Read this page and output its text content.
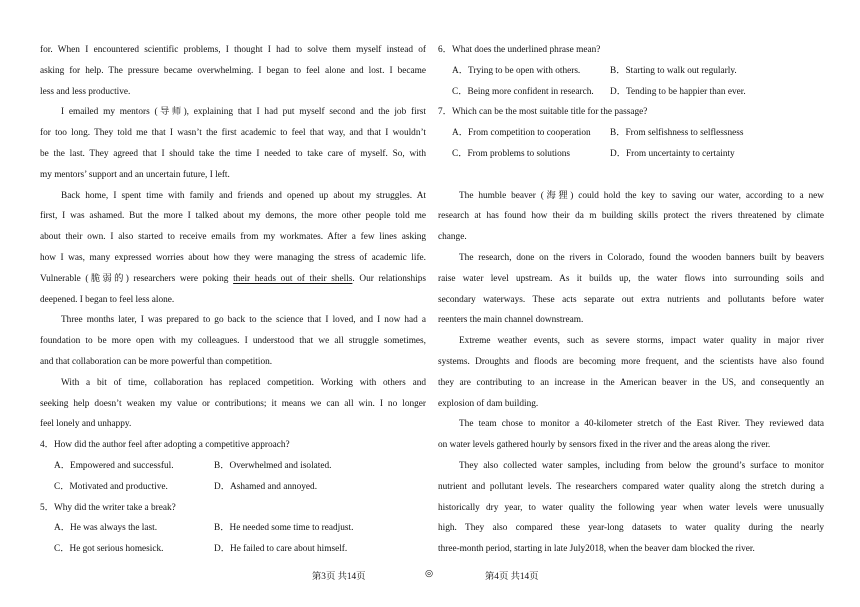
for. When I encountered scientific problems, I thought I had to solve them myself instead of
asking for help. The pressure became overwhelming. I began to feel alone and lost. I became
less and less productive.
I emailed my mentors (导师), explaining that I had put myself second and the job first
for too long. They told me that I wasn’t the first academic to feel that way, and that I wouldn’t
be the last. They agreed that I should take the time I needed to take care of myself. So, with
my mentors’ support and an uncertain future, I left.
Back home, I spent time with family and friends and opened up about my struggles. At
first, I was ashamed. But the more I talked about my demons, the more other people told me
about their own. I also started to receive emails from my workmates. After a few lines asking
how I was, many expressed worries about how they were managing the stress of academic life.
Vulnerable (脆弱的) researchers were poking their heads out of their shells. Our relationships
deepened. I began to feel less alone.
Three months later, I was prepared to go back to the science that I loved, and I now had a
foundation to be more open with my colleagues. I understood that we all struggle sometimes,
and that collaboration can be more powerful than competition.
With a bit of time, collaboration has replaced competition. Working with others and
seeking help doesn’t weaken my value or contributions; it means we can all win. I no longer
feel lonely and unhappy.
4．How did the author feel after adopting a competitive approach?
A．Empowered and successful.	B．Overwhelmed and isolated.
C．Motivated and productive.	D．Ashamed and annoyed.
5．Why did the writer take a break?
A．He was always the last.	B．He needed some time to readjust.
C．He got serious homesick.	D．He failed to care about himself.
6．What does the underlined phrase mean?
A．Trying to be open with others.	B．Starting to walk out regularly.
C．Being more confident in research.	D．Tending to be happier than ever.
7．Which can be the most suitable title for the passage?
A．From competition to cooperation	B．From selfishness to selflessness
C．From problems to solutions	D．From uncertainty to certainty
The humble beaver (海狸) could hold the key to saving our water, according to a new
research at has found how their da m building skills protect the rivers threatened by climate
change.
The research, done on the rivers in Colorado, found the wooden banners built by beavers
raise water level upstream. As it builds up, the water flows into surrounding soils and
secondary waterways. These acts separate out extra nutrients and pollutants before water
reenters the main channel downstream.
Extreme weather events, such as severe storms, impact water quality in major river
systems. Droughts and floods are becoming more frequent, and the scientists have also found
they are contributing to an increase in the American beaver in the US, and consequently an
explosion of dam building.
The team chose to monitor a 40-kilometer stretch of the East River. They reviewed data
on water levels gathered hourly by sensors fixed in the river and the areas along the river.
They also collected water samples, including from below the ground’s surface to monitor
nutrient and pollutant levels. The researchers compared water quality along the stretch during a
historically dry year, to water quality the following year when water levels were unusually
high. They also compared these year-long datasets to water quality during the nearly
three-month period, starting in late July2018, when the beaver dam blocked the river.
第3页 共14页	◎	第4页 共14页
